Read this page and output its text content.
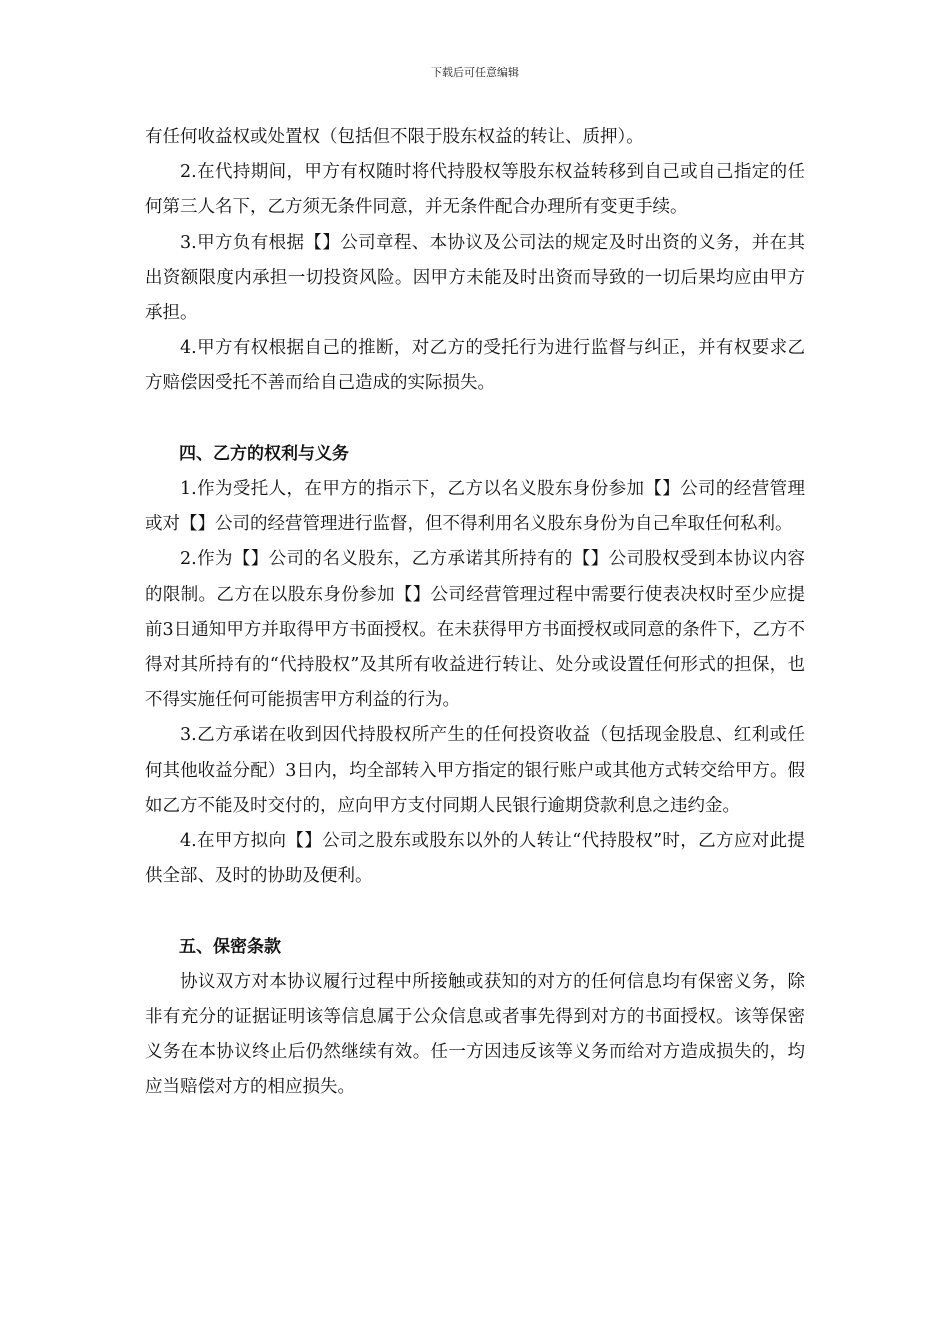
下载后可任意编辑

有任何收益权或处置权（包括但不限于股东权益的转让、质押）。

2.在代持期间，甲方有权随时将代持股权等股东权益转移到自己或自己指定的任何第三人名下，乙方须无条件同意，并无条件配合办理所有变更手续。

3.甲方负有根据【】公司章程、本协议及公司法的规定及时出资的义务，并在其出资额限度内承担一切投资风险。因甲方未能及时出资而导致的一切后果均应由甲方承担。

4.甲方有权根据自己的推断，对乙方的受托行为进行监督与纠正，并有权要求乙方赔偿因受托不善而给自己造成的实际损失。

四、乙方的权利与义务

1.作为受托人，在甲方的指示下，乙方以名义股东身份参加【】公司的经营管理或对【】公司的经营管理进行监督，但不得利用名义股东身份为自己牟取任何私利。

2.作为【】公司的名义股东，乙方承诺其所持有的【】公司股权受到本协议内容的限制。乙方在以股东身份参加【】公司经营管理过程中需要行使表决权时至少应提前3日通知甲方并取得甲方书面授权。在未获得甲方书面授权或同意的条件下，乙方不得对其所持有的“代持股权”及其所有收益进行转让、处分或设置任何形式的担保，也不得实施任何可能损害甲方利益的行为。

3.乙方承诺在收到因代持股权所产生的任何投资收益（包括现金股息、红利或任何其他收益分配）3日内，均全部转入甲方指定的银行账户或其他方式转交给甲方。假如乙方不能及时交付的，应向甲方支付同期人民银行逾期贷款利息之违约金。

4.在甲方拟向【】公司之股东或股东以外的人转让“代持股权”时，乙方应对此提供全部、及时的协助及便利。

五、保密条款

协议双方对本协议履行过程中所接触或获知的对方的任何信息均有保密义务，除非有充分的证据证明该等信息属于公众信息或者事先得到对方的书面授权。该等保密义务在本协议终止后仍然继续有效。任一方因违反该等义务而给对方造成损失的，均应当赔偿对方的相应损失。
